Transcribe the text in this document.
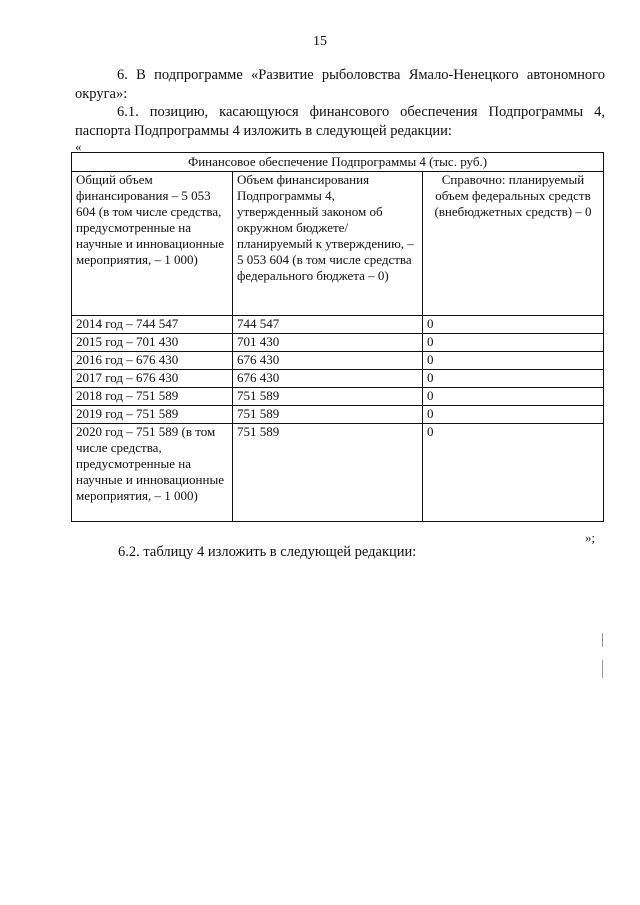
15
6. В подпрограмме «Развитие рыболовства Ямало-Ненецкого автономного округа»:
6.1. позицию, касающуюся финансового обеспечения Подпрограммы 4, паспорта Подпрограммы 4 изложить в следующей редакции:
«
Финансовое обеспечение Подпрограммы 4 (тыс. руб.)		
Общий объем финансирования – 5 053 604 (в том числе средства, предусмотренные на научные и инновационные мероприятия, – 1 000)	Объем финансирования Подпрограммы 4, утвержденный законом об окружном бюджете/ планируемый к утверждению, – 5 053 604 (в том числе средства федерального бюджета – 0)	Справочно: планируемый объем федеральных средств (внебюджетных средств) – 0
2014 год – 744 547	744 547	0
2015 год – 701 430	701 430	0
2016 год – 676 430	676 430	0
2017 год – 676 430	676 430	0
2018 год – 751 589	751 589	0
2019 год – 751 589	751 589	0
2020 год – 751 589 (в том числе средства, предусмотренные на научные и инновационные мероприятия, – 1 000)	751 589	0
»;
6.2. таблицу 4 изложить в следующей редакции:
